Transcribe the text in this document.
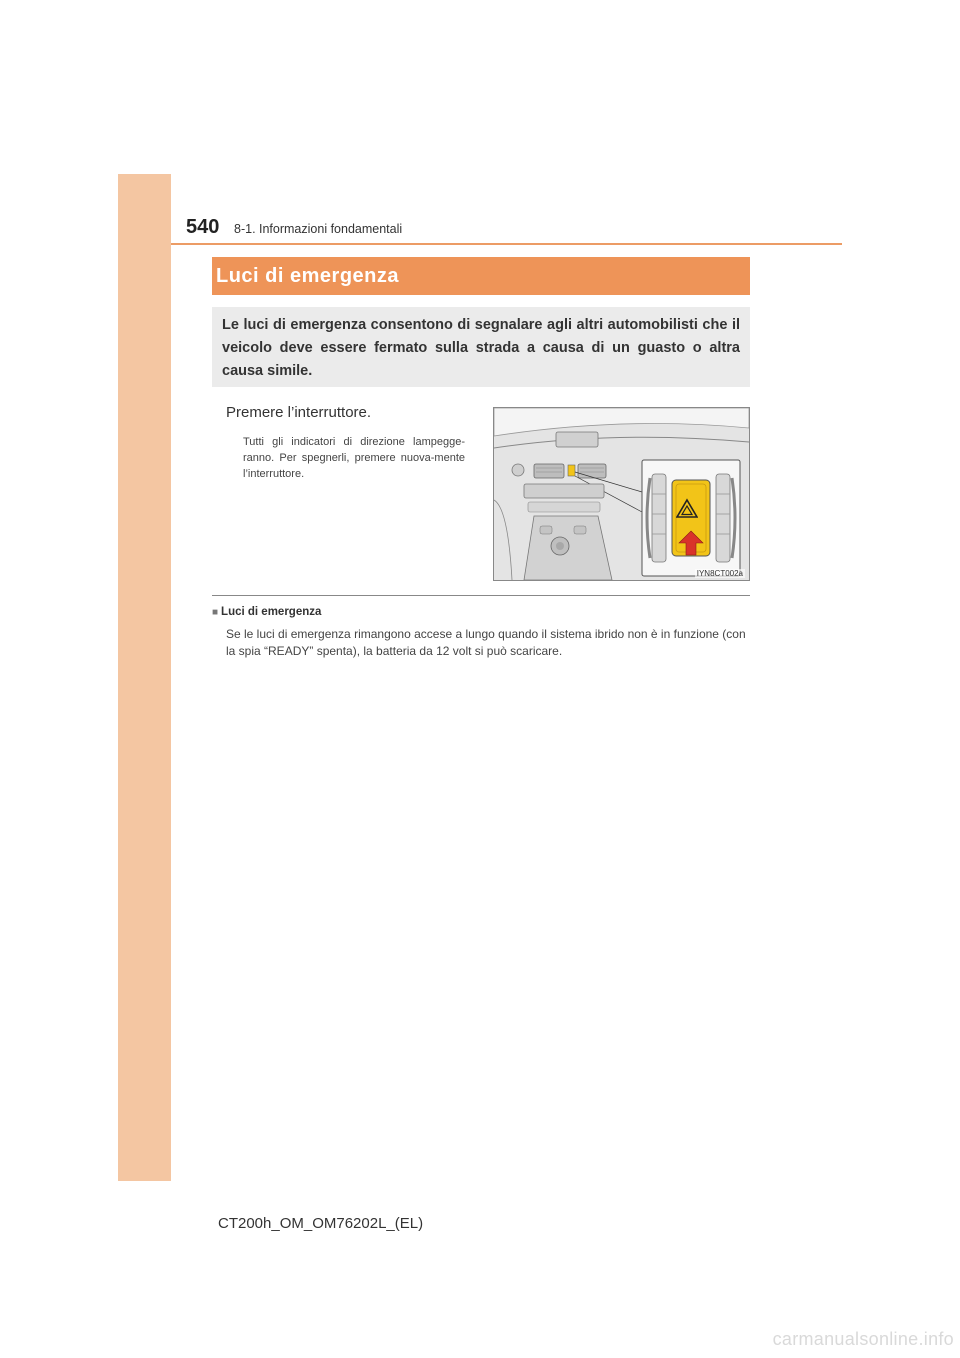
540 8-1. Informazioni fondamentali
Luci di emergenza

Le luci di emergenza consentono di segnalare agli altri automobilisti che il veicolo deve essere fermato sulla strada a causa di un guasto o altra causa simile.

Premere l’interruttore.

Tutti gli indicatori di direzione lampegge-ranno. Per spegnerli, premere nuova-mente l’interruttore.

IYN8CT002a
■ Luci di emergenza

Se le luci di emergenza rimangono accese a lungo quando il sistema ibrido non è in funzione (con la spia “READY” spenta), la batteria da 12 volt si può scaricare.

CT200h_OM_OM76202L_(EL)
carmanualsonline.info
